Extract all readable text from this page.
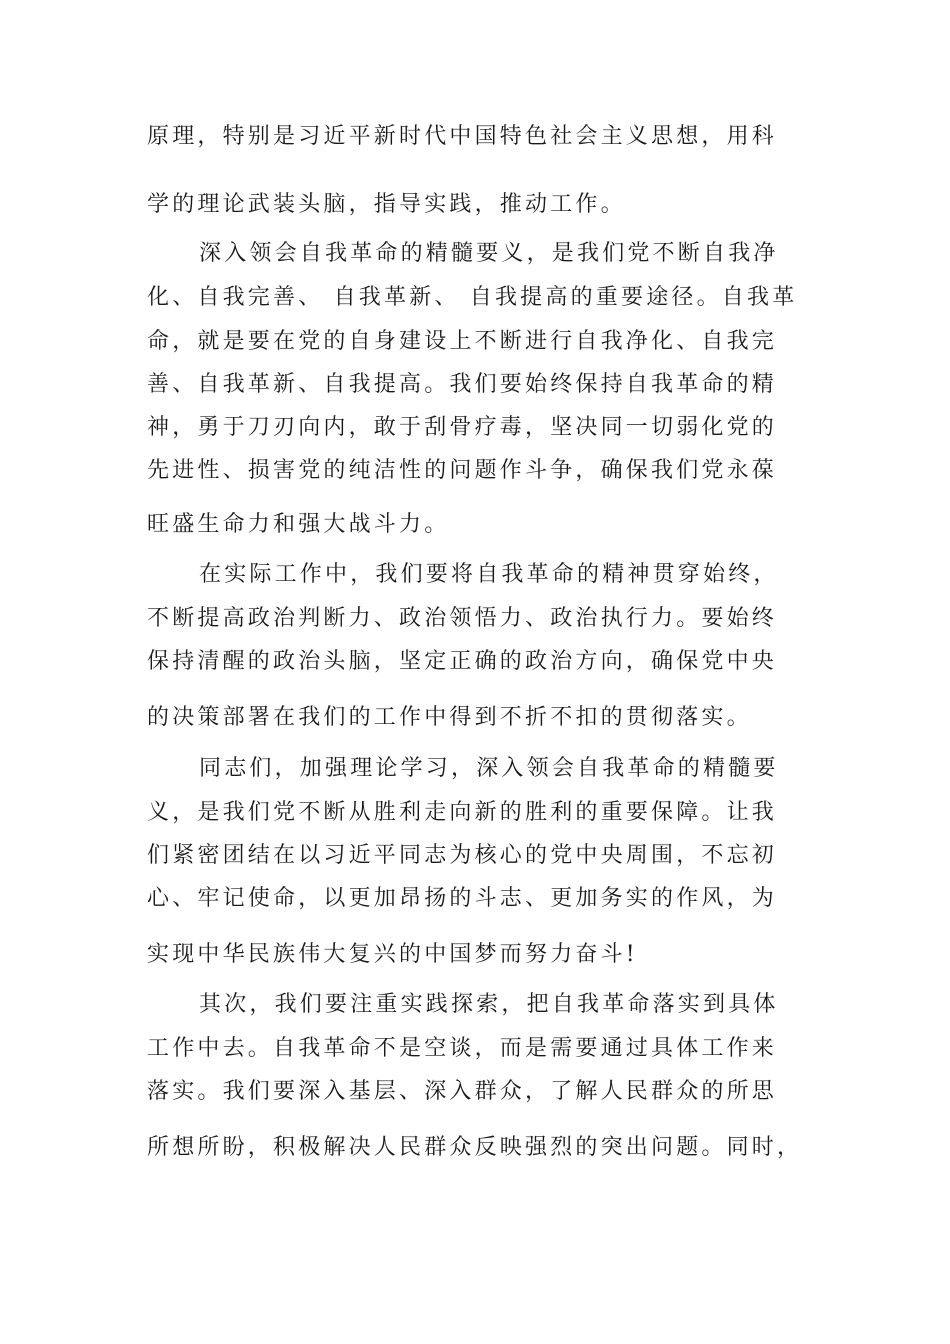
原理，特别是习近平新时代中国特色社会主义思想，用科
学的理论武装头脑，指导实践，推动工作。
深入领会自我革命的精髓要义，是我们党不断自我净
化、自我完善、 自我革新、 自我提高的重要途径。自我革
命，就是要在党的自身建设上不断进行自我净化、自我完
善、自我革新、自我提高。我们要始终保持自我革命的精
神，勇于刀刃向内，敢于刮骨疗毒，坚决同一切弱化党的
先进性、损害党的纯洁性的问题作斗争，确保我们党永葆
旺盛生命力和强大战斗力。
在实际工作中，我们要将自我革命的精神贯穿始终，
不断提高政治判断力、政治领悟力、政治执行力。要始终
保持清醒的政治头脑，坚定正确的政治方向，确保党中央
的决策部署在我们的工作中得到不折不扣的贯彻落实。
同志们，加强理论学习，深入领会自我革命的精髓要
义，是我们党不断从胜利走向新的胜利的重要保障。让我
们紧密团结在以习近平同志为核心的党中央周围，不忘初
心、牢记使命，以更加昂扬的斗志、更加务实的作风，为
实现中华民族伟大复兴的中国梦而努力奋斗!
其次，我们要注重实践探索，把自我革命落实到具体
工作中去。自我革命不是空谈，而是需要通过具体工作来
落实。我们要深入基层、深入群众，了解人民群众的所思
所想所盼，积极解决人民群众反映强烈的突出问题。同时，
